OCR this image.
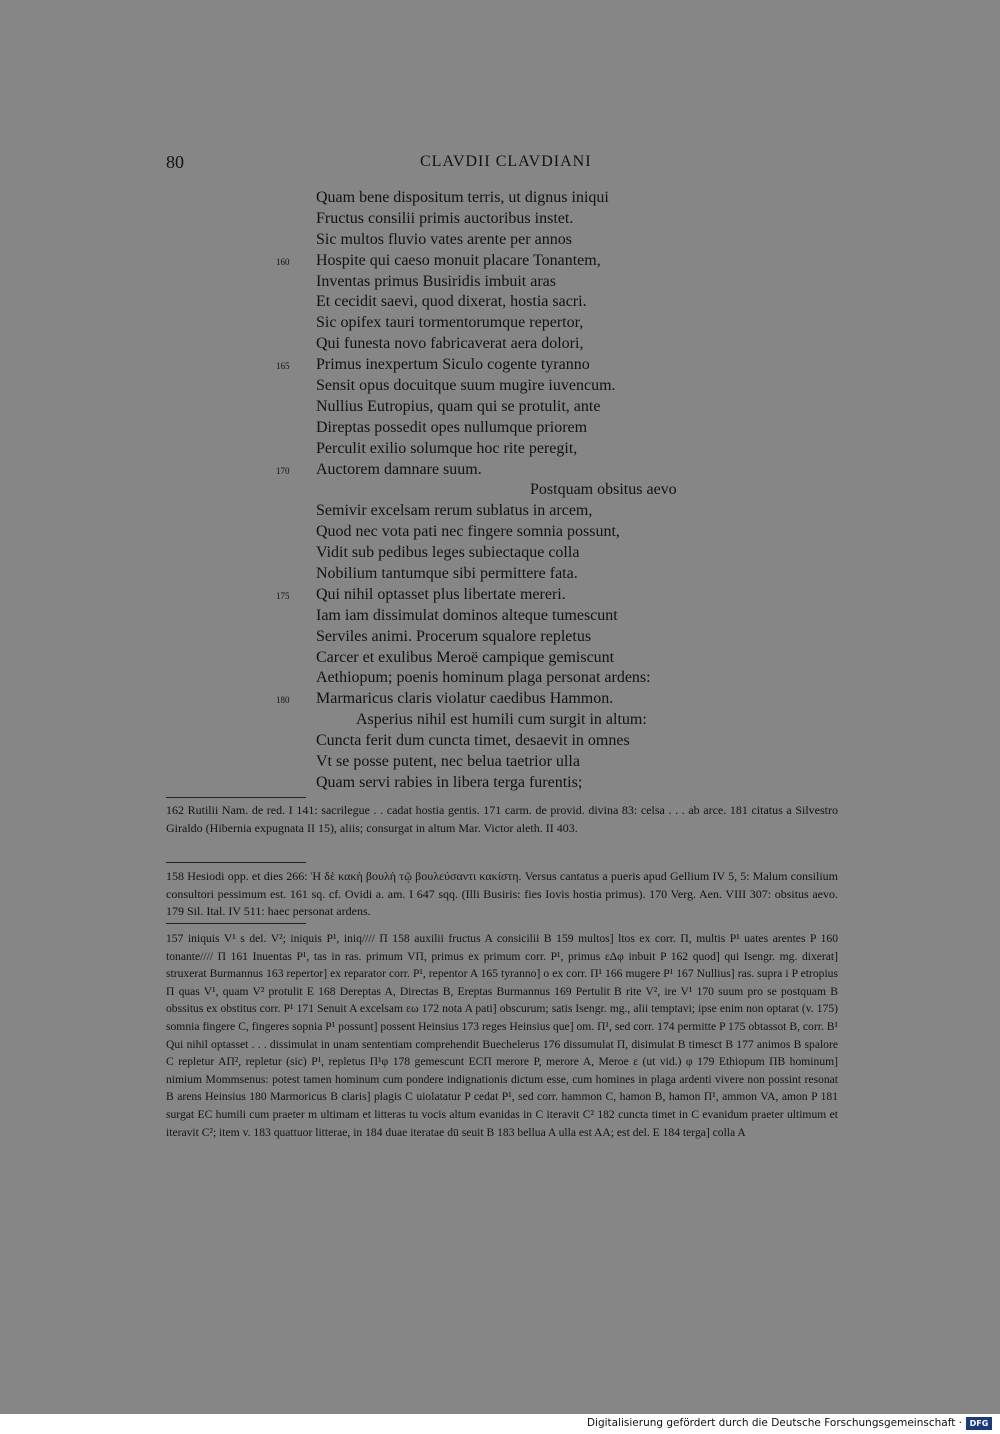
80	CLAVDII CLAVDIANI
Quam bene dispositum terris, ut dignus iniqui
Fructus consilii primis auctoribus instet.
Sic multos fluvio vates arente per annos
160	Hospite qui caeso monuit placare Tonantem,
Inventas primus Busiridis imbuit aras
Et cecidit saevi, quod dixerat, hostia sacri.
Sic opifex tauri tormentorumque repertor,
Qui funesta novo fabricaverat aera dolori,
165	Primus inexpertum Siculo cogente tyranno
Sensit opus docuitque suum mugire iuvencum.
Nullius Eutropius, quam qui se protulit, ante
Direptas possedit opes nullumque priorem
Perculit exilio solumque hoc rite peregit,
170	Auctorem damnare suum.
Postquam obsitus aevo
Semivir excelsam rerum sublatus in arcem,
Quod nec vota pati nec fingere somnia possunt,
Vidit sub pedibus leges subiectaque colla
Nobilium tantumque sibi permittere fata.
175	Qui nihil optasset plus libertate mereri.
Iam iam dissimulat dominos alteque tumescunt
Serviles animi. Procerum squalore repletus
Carcer et exulibus Meroë campique gemiscunt
Aethiopum; poenis hominum plaga personat ardens:
180	Marmaricus claris violatur caedibus Hammon.
Asperius nihil est humili cum surgit in altum:
Cuncta ferit dum cuncta timet, desaevit in omnes
Vt se posse putent, nec belua taetrior ulla
Quam servi rabies in libera terga furentis;

162 Rutilii Nam. de red. I 141: sacrilegue . . cadat hostia gentis. 171 carm. de provid. divina 83: celsa . . . ab arce. 181 citatus a Silvestro Giraldo (Hibernia expugnata II 15), aliis; consurgat in altum Mar. Victor aleth. II 403.

158 Hesiodi opp. et dies 266: Ἡ δὲ κακὴ βουλὴ τῷ βουλεύσαντι κακίστη. Versus cantatus a pueris apud Gellium IV 5, 5: Malum consilium consultori pessimum est. 161 sq. cf. Ovidi a. am. I 647 sqq. (Illi Busiris: fies Iovis hostia primus). 170 Verg. Aen. VIII 307: obsitus aevo. 179 Sil. Ital. IV 511: haec personat ardens.

157 iniquis V¹ s del. V²; iniquis P¹, iniq//// Π 158 auxilii fructus A consicilii B 159 multos] ltos ex corr. Π, multis P¹ uates arentes P 160 tonante//// Π 161 Inuentas P¹, tas in ras. primum VΠ, primus ex primum corr. P¹, primus εΔφ inbuit P 162 quod] qui Isengr. mg. dixerat] struxerat Burmannus 163 repertor] ex reparator corr. P¹, repentor A 165 tyranno] o ex corr. Π¹ 166 mugere P¹ 167 Nullius] ras. supra i P etropius Π quas V¹, quam V² protulit E 168 Dereptas A, Directas B, Ereptas Burmannus 169 Pertulit B rite V², ire V¹ 170 suum pro se postquam B obssitus ex obstitus corr. P¹ 171 Senuit A excelsam εω 172 nota A pati] obscurum; satis Isengr. mg., alii temptavi; ipse enim non optarat (v. 175) somnia fingere C, fingeres sopnia P¹ possunt] possent Heinsius 173 reges Heinsius que] om. Π¹, sed corr. 174 permitte P 175 obtassot B, corr. B¹ Qui nihil optasset . . . dissimulat in unam sententiam comprehendit Buechelerus 176 dissumulat Π, disimulat B timesct B 177 animos B spalore C repletur AΠ², repletur (sic) P¹, repletus Π¹φ 178 gemescunt ECΠ merore P, merore A, Meroe ε (ut vid.) φ 179 Ethiopum ΠB hominum] nimium Mommsenus: potest tamen hominum cum pondere indignationis dictum esse, cum homines in plaga ardenti vivere non possint resonat B arens Heinsius 180 Marmoricus B claris] plagis C uiolatatur P cedat P¹, sed corr. hammon C, hamon B, hamon Π¹, ammon VA, amon P 181 surgat EC humili cum praeter m ultimam et litteras tu vocis altum evanidas in C iteravit C² 182 cuncta timet in C evanidum praeter ultimum et iteravit C²; item v. 183 quattuor litterae, in 184 duae iteratae dū seuit B 183 bellua A ulla est AA; est del. E 184 terga] colla A

Digitalisierung gefördert durch die Deutsche Forschungsgemeinschaft · DFG
